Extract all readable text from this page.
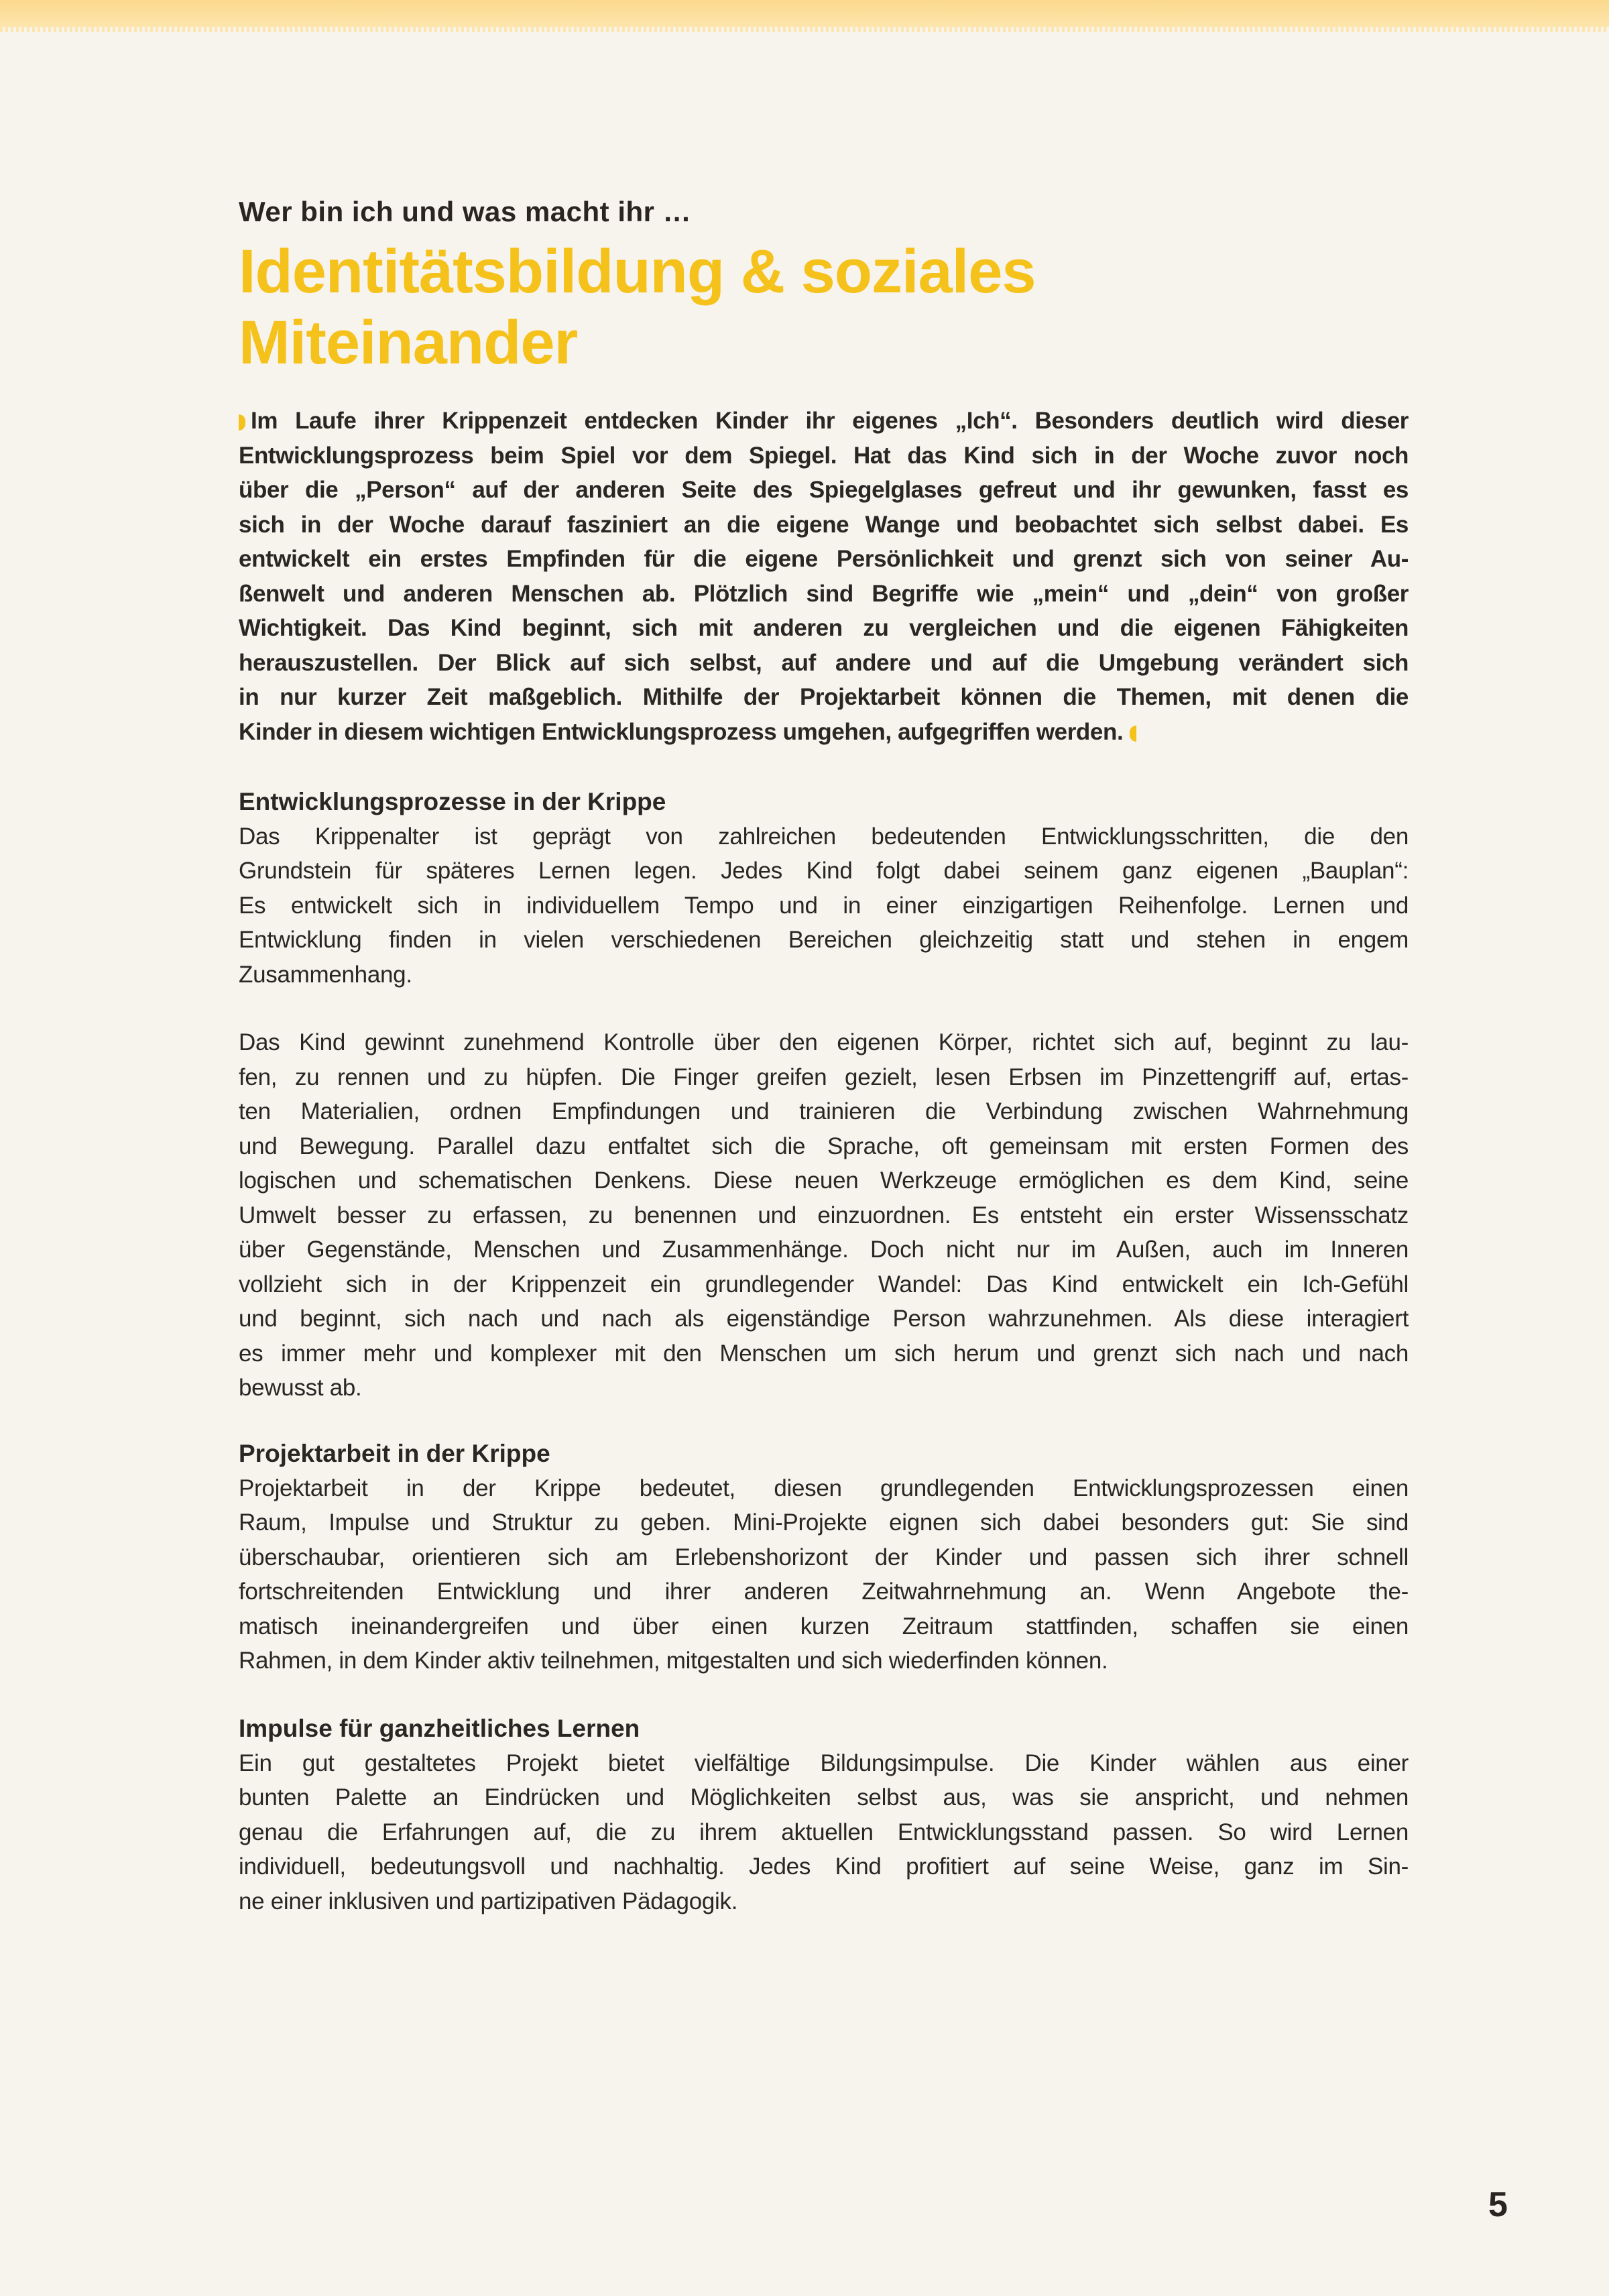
Wer bin ich und was macht ihr …
Identitätsbildung & soziales
Miteinander
Im Laufe ihrer Krippenzeit entdecken Kinder ihr eigenes „Ich“. Besonders deutlich wird dieser
Entwicklungsprozess beim Spiel vor dem Spiegel. Hat das Kind sich in der Woche zuvor noch
über die „Person“ auf der anderen Seite des Spiegelglases gefreut und ihr gewunken, fasst es
sich in der Woche darauf fasziniert an die eigene Wange und beobachtet sich selbst dabei. Es
entwickelt ein erstes Empfinden für die eigene Persönlichkeit und grenzt sich von seiner Au-
ßenwelt und anderen Menschen ab. Plötzlich sind Begriffe wie „mein“ und „dein“ von großer
Wichtigkeit. Das Kind beginnt, sich mit anderen zu vergleichen und die eigenen Fähigkeiten
herauszustellen. Der Blick auf sich selbst, auf andere und auf die Umgebung verändert sich
in nur kurzer Zeit maßgeblich. Mithilfe der Projektarbeit können die Themen, mit denen die
Kinder in diesem wichtigen Entwicklungsprozess umgehen, aufgegriffen werden.
Entwicklungsprozesse in der Krippe
Das Krippenalter ist geprägt von zahlreichen bedeutenden Entwicklungsschritten, die den
Grundstein für späteres Lernen legen. Jedes Kind folgt dabei seinem ganz eigenen „Bauplan“:
Es entwickelt sich in individuellem Tempo und in einer einzigartigen Reihenfolge. Lernen und
Entwicklung finden in vielen verschiedenen Bereichen gleichzeitig statt und stehen in engem
Zusammenhang.
Das Kind gewinnt zunehmend Kontrolle über den eigenen Körper, richtet sich auf, beginnt zu lau-
fen, zu rennen und zu hüpfen. Die Finger greifen gezielt, lesen Erbsen im Pinzettengriff auf, ertas-
ten Materialien, ordnen Empfindungen und trainieren die Verbindung zwischen Wahrnehmung
und Bewegung. Parallel dazu entfaltet sich die Sprache, oft gemeinsam mit ersten Formen des
logischen und schematischen Denkens. Diese neuen Werkzeuge ermöglichen es dem Kind, seine
Umwelt besser zu erfassen, zu benennen und einzuordnen. Es entsteht ein erster Wissensschatz
über Gegenstände, Menschen und Zusammenhänge. Doch nicht nur im Außen, auch im Inneren
vollzieht sich in der Krippenzeit ein grundlegender Wandel: Das Kind entwickelt ein Ich-Gefühl
und beginnt, sich nach und nach als eigenständige Person wahrzunehmen. Als diese interagiert
es immer mehr und komplexer mit den Menschen um sich herum und grenzt sich nach und nach
bewusst ab.
Projektarbeit in der Krippe
Projektarbeit in der Krippe bedeutet, diesen grundlegenden Entwicklungsprozessen einen
Raum, Impulse und Struktur zu geben. Mini-Projekte eignen sich dabei besonders gut: Sie sind
überschaubar, orientieren sich am Erlebenshorizont der Kinder und passen sich ihrer schnell
fortschreitenden Entwicklung und ihrer anderen Zeitwahrnehmung an. Wenn Angebote the-
matisch ineinandergreifen und über einen kurzen Zeitraum stattfinden, schaffen sie einen
Rahmen, in dem Kinder aktiv teilnehmen, mitgestalten und sich wiederfinden können.
Impulse für ganzheitliches Lernen
Ein gut gestaltetes Projekt bietet vielfältige Bildungsimpulse. Die Kinder wählen aus einer
bunten Palette an Eindrücken und Möglichkeiten selbst aus, was sie anspricht, und nehmen
genau die Erfahrungen auf, die zu ihrem aktuellen Entwicklungsstand passen. So wird Lernen
individuell, bedeutungsvoll und nachhaltig. Jedes Kind profitiert auf seine Weise, ganz im Sin-
ne einer inklusiven und partizipativen Pädagogik.
5
